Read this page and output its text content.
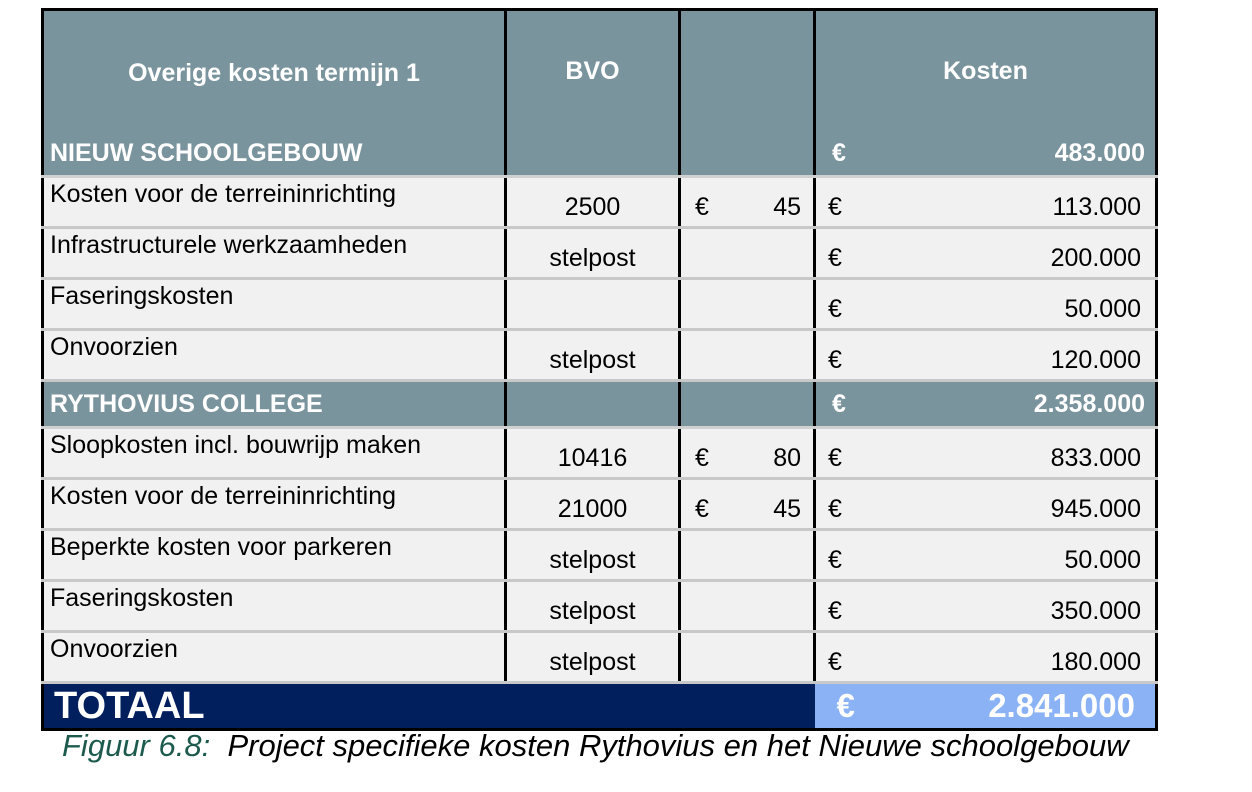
Overige kosten termijn 1	BVO		Kosten
NIEUW SCHOOLGEBOUW			€ 483.000

Kosten voor de terreininrichting	2500	€ 45	€ 113.000

Infrastructurele werkzaamheden	stelpost		€ 200.000

Faseringskosten			€ 50.000

Onvoorzien	stelpost		€ 120.000

RYTHOVIUS COLLEGE			€ 2.358.000

Sloopkosten incl. bouwrijp maken	10416	€ 80	€ 833.000

Kosten voor de terreininrichting	21000	€ 45	€ 945.000

Beperkte kosten voor parkeren	stelpost		€ 50.000

Faseringskosten	stelpost		€ 350.000

Onvoorzien	stelpost		€ 180.000

TOTAAL			€ 2.841.000
Figuur 6.8: Project specifieke kosten Rythovius en het Nieuwe schoolgebouw
